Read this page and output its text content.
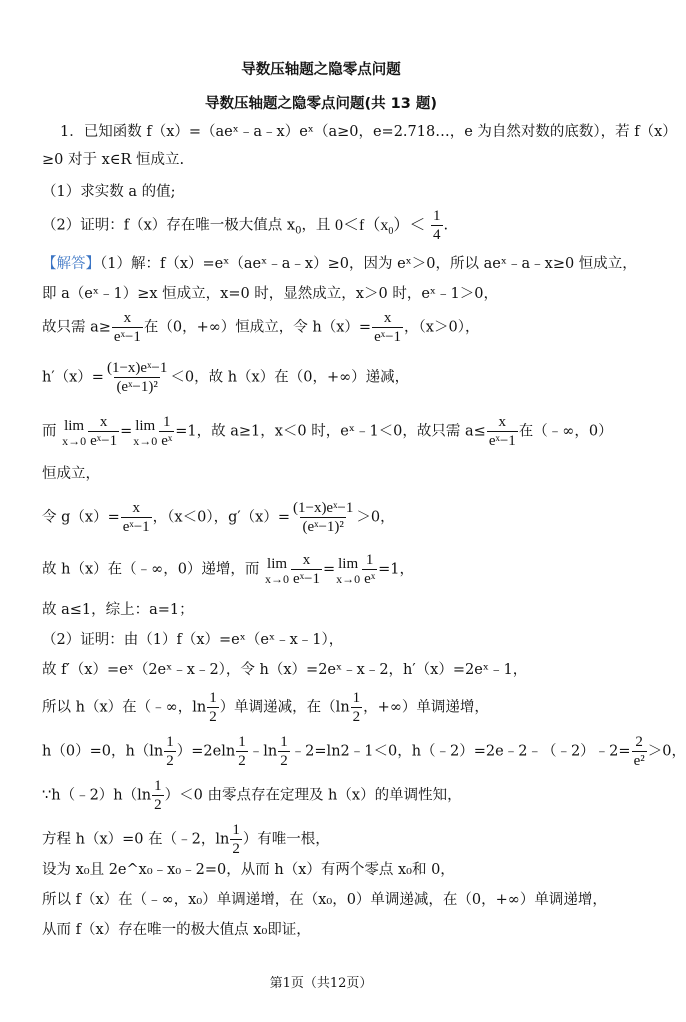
导数压轴题之隐零点问题
导数压轴题之隐零点问题(共 13 题)
1．已知函数 f（x）=（aeˣ﹣a﹣x）eˣ（a≥0，e=2.718…，e 为自然对数的底数），若 f（x）
≥0 对于 x∈R 恒成立.
（1）求实数 a 的值;
（2）证明：f（x）存在唯一极大值点 $x_0$，且 $0<f(x_0)< \frac{1}{4}$ .
【解答】（1）解：f（x）=eˣ（aeˣ﹣a﹣x）≥0，因为 eˣ＞0，所以 aeˣ﹣a﹣x≥0 恒成立，
即 a（eˣ﹣1）≥x 恒成立，x=0 时，显然成立，x＞0 时，eˣ﹣1＞0，
故只需 $a\ge \frac{x}{\text{eˣ−1}}$ 在（0，+∞）恒成立，令 $h(x)= \frac{x}{\text{eˣ−1}}$ ，（x＞0），
$h'(x)= \frac{\text{(1−x)eˣ−1}}{\text{(eˣ−1)²}} <0$，故 h（x）在（0，+∞）递减，
而 lim
$x\to 0 \frac{x}{\text{eˣ−1}} = \lim$
$x\to 0 \frac{1}{\text{eˣ}} =1$，故 a≥1，x＜0 时，eˣ﹣1＜0，故只需 $a\le \frac{x}{\text{eˣ−1}}$ 在（﹣∞，0）
恒成立，
令 $g(x)= \frac{x}{\text{eˣ−1}}$ ，（x＜0），$g'(x)= \frac{\text{(1−x)eˣ−1}}{\text{(eˣ−1)²}} >0$，
故 h（x）在（﹣∞，0）递增，而 lim
$x\to 0 \frac{x}{\text{eˣ−1}} = \lim$
$x\to 0 \frac{1}{\text{eˣ}} =1$，
故 a≤1，综上：a=1；
（2）证明：由（1）f（x）=eˣ（eˣ﹣x﹣1），
故 f′（x）=eˣ（2eˣ﹣x﹣2），令 h（x）=2eˣ﹣x﹣2，h′（x）=2eˣ﹣1，
所以 h（x）在（﹣∞，$\ln \frac{1}{2}$ ）单调递减，在（$\ln \frac{1}{2}$ ，+∞）单调递增，
h（0）=0，$h(\ln \frac{1}{2} )=2eln \frac{1}{2}$ ﹣ln $\frac{1}{2}$ ﹣2=ln2﹣1＜0，h（﹣2）=2e﹣2﹣（﹣2）﹣2= $\frac{2}{\text{e²}} >0$，
∵h（﹣2）h（ln $\frac{1}{2} )<0$ 由零点存在定理及 h（x）的单调性知，
方程 h（x）=0 在（﹣2，$\ln \frac{1}{2}$ ）有唯一根，
设为 x₀且 2e^x₀﹣x₀﹣2=0，从而 h（x）有两个零点 x₀和 0，
所以 f（x）在（﹣∞，x₀）单调递增，在（x₀，0）单调递减，在（0，+∞）单调递增，
从而 f（x）存在唯一的极大值点 x₀即证，
第1页（共12页）
